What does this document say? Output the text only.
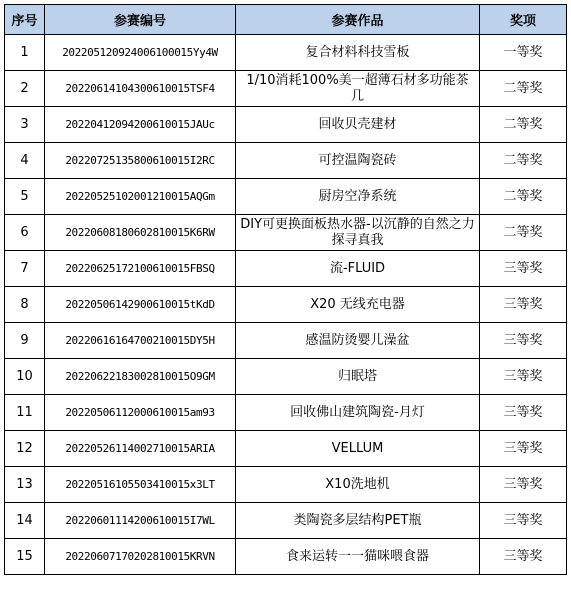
序号	参赛编号	参赛作品	奖项
1	202205120924006100015Yy4W	复合材料科技雪板	一等奖
2	20220614104300610015TSF4	1/10消耗100%美一超薄石材多功能茶几	二等奖
3	20220412094200610015JAUc	回收贝壳建材	二等奖
4	20220725135800610015I2RC	可控温陶瓷砖	二等奖
5	20220525102001210015AQGm	厨房空净系统	二等奖
6	20220608180602810015K6RW	DIY可更换面板热水器-以沉静的自然之力探寻真我	二等奖
7	20220625172100610015FBSQ	流-FLUID	三等奖
8	20220506142900610015tKdD	X20 无线充电器	三等奖
9	20220616164700210015DY5H	感温防烫婴儿澡盆	三等奖
10	20220622183002810015O9GM	归眠塔	三等奖
11	20220506112000610015am93	回收佛山建筑陶瓷-月灯	三等奖
12	20220526114002710015ARIA	VELLUM	三等奖
13	20220516105503410015x3LT	X10洗地机	三等奖
14	20220601114200610015I7WL	类陶瓷多层结构PET瓶	三等奖
15	20220607170202810015KRVN	食来运转一一猫咪喂食器	三等奖
